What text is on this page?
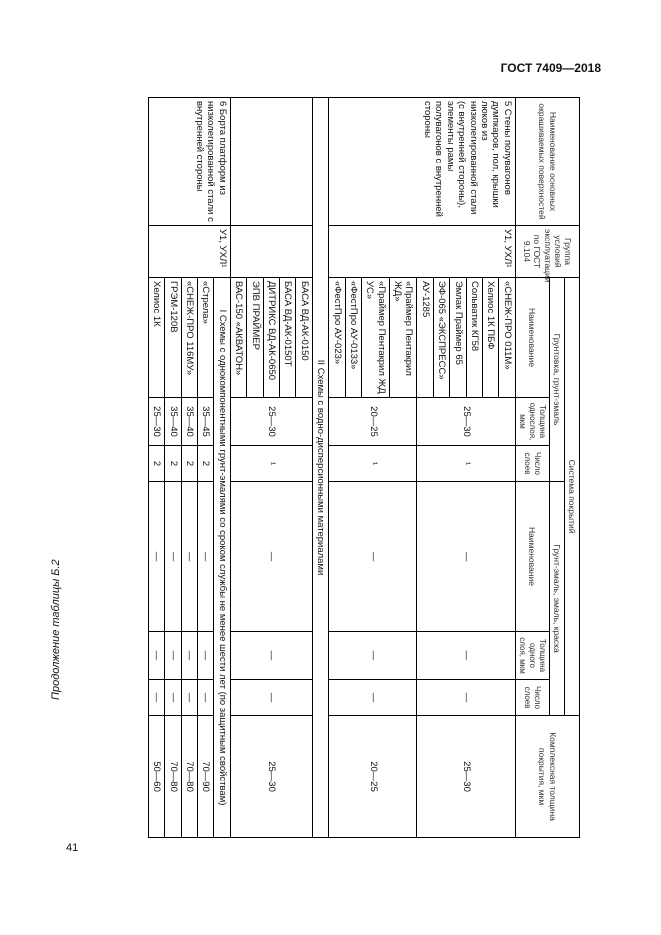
ГОСТ 7409—2018
Продолжение таблицы Б.2
41
Наименование основных окрашиваемых поверхностей	Группа условий эксплуатации по ГОСТ 9.104	Система покрытий						Комплексная толщина покрытия, мкм
		Грунтовка, грунт-эмаль			Грунт-эмаль, эмаль, краска			
		Наименование	Толщина однослоя, мкм	Число слоев	Наименование	Толщина одного слоя, мкм	Число слоев	
5 Стены полувагонов думпкаров, пол, крышки люков из низколегированной стали (с внутренней стороны), элементы рамы полувагонов с внутренней стороны	У1, УХЛ¹	«СНЕЖ-ПРО 011М»	25—30	¹	—	—	—	25—30
		Хелиос 1К ПБФ						
		Сольватик КГ58						
		Эмлак Праймер 65						
		ЭФ-065 «ЭКСПРЕСС»						
		АУ-1285						
		«Праймер Пентакрил ЖД»	20—25	¹	—	—	—	20—25
		«Праймер Пентакрил ЖД УС»						
		«ФестПро АУ-0133»						
		«ФестПро АУ-023»						
II Схемы с водно-дисперсионными материалами								
		БАСА ВД-АК-0150	25—30	¹	—	—	—	25—30
		БАСА ВД-АК-0150Т						
		ДИТРИКС ВД-АК-0650						
		ЭПВ ПРАЙМЕР						
		ВАС-150 «АКВАТОН»						
6 Борта платформ из низколегированной стали с внутренней стороны	У1, УХЛ¹	I Схемы с однокомпонентными грунт-эмалями со сроком службы не менее шести лет (по защитным свойствам)						
		«Стрела»	35—45	2	—	—	—	70—90
		«СНЕЖ-ПРО 116МУ»	35—40	2	—	—	—	70—80
		ГРЭМ-120В	35—40	2	—	—	—	70—80
		Хелиос 1К	25—30	2	—	—	—	50—60
